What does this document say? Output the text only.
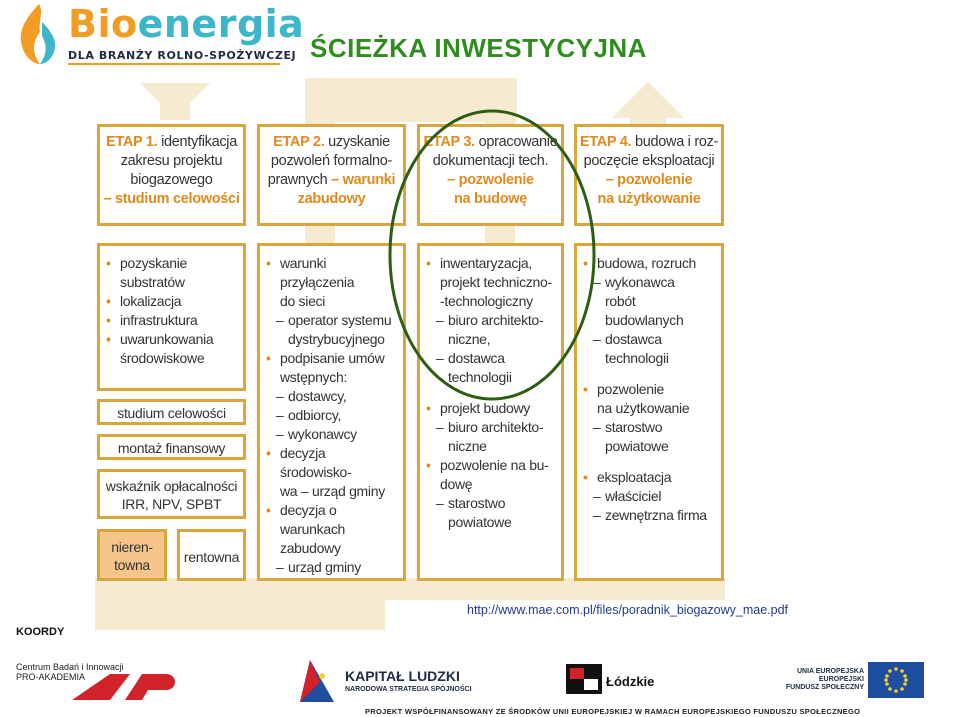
Bioenergia
DLA BRANŻY ROLNO-SPOŻYWCZEJ ŚCIEŻKA INWESTYCYJNA
ETAP 1. identyfikacja
zakresu projektu
biogazowego
– studium celowości
ETAP 2. uzyskanie
pozwoleń formalno-
prawnych – warunki
zabudowy
ETAP 3. opracowanie
dokumentacji tech.
– pozwolenie
na budowę
ETAP 4. budowa i roz-
poczęcie eksploatacji
– pozwolenie
na użytkowanie
• pozyskanie
substratów
• lokalizacja
• infrastruktura
• uwarunkowania
środowiskowe
studium celowości
montaż finansowy
wskaźnik opłacalności
IRR, NPV, SPBT
nieren-
towna	rentowna
• warunki przyłączenia
do sieci
– operator systemu
dystrybucyjnego
• podpisanie umów
wstępnych:
– dostawcy,
– odbiorcy,
– wykonawcy
• decyzja środowisko-
wa – urząd gminy
• decyzja o warunkach
zabudowy
– urząd gminy
• inwentaryzacja,
projekt techniczno-
-technologiczny
– biuro architekto-
niczne,
– dostawca
technologii
• projekt budowy
– biuro architekto-
niczne
• pozwolenie na bu-
dowę
– starostwo
powiatowe
• budowa, rozruch
– wykonawca
robót
budowlanych
– dostawca
technologii
• pozwolenie
na użytkowanie
– starostwo
powiatowe
• eksploatacja
– właściciel
– zewnętrzna firma
http://www.mae.com.pl/files/poradnik_biogazowy_mae.pdf
KOORDY
Centrum Badań i Innowacji
PRO-AKADEMIA	KAPITAŁ LUDZKI
NARODOWA STRATEGIA SPÓJNOŚCI
Łódzkie
UNIA EUROPEJSKA
EUROPEJSKI
FUNDUSZ SPOŁECZNY
PROJEKT WSPÓŁFINANSOWANY ZE ŚRODKÓW UNII EUROPEJSKIEJ W RAMACH EUROPEJSKIEGO FUNDUSZU SPOŁECZNEGO
